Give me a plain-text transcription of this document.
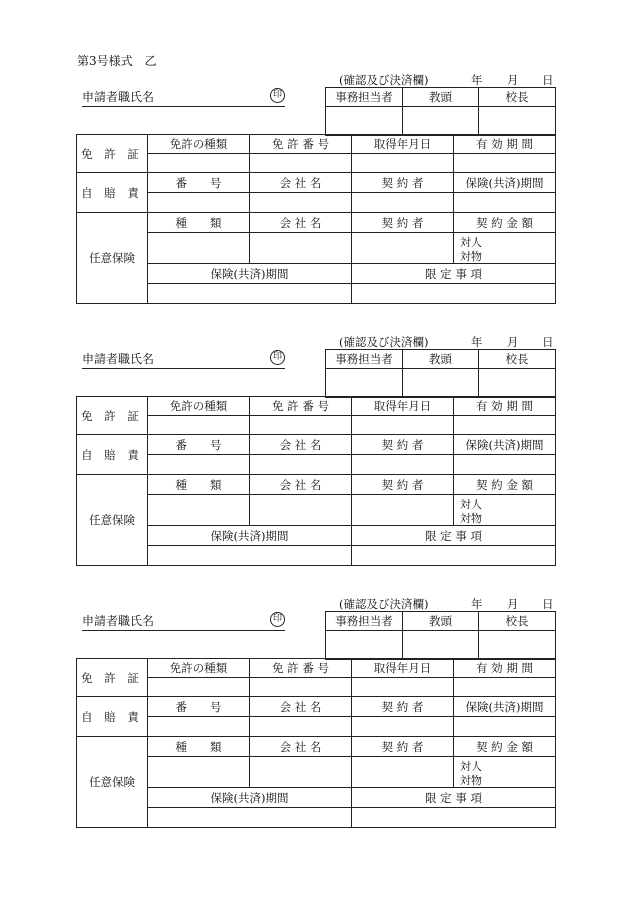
第3号様式　乙
(確認及び決済欄)	年 月 日
事務担当者	教頭	校長

申請者職氏名	印
免 許 証	免許の種類	免 許 番 号	取得年月日	有 効 期 間

自 賠 責	番　　号	会 社 名	契 約 者	保険(共済)期間

任意保険	種　　類	会 社 名	契 約 者	契 約 金 額

				対人
対物

	保険(共済)期間		限 定 事 項	

(確認及び決済欄)	年 月 日
事務担当者	教頭	校長

申請者職氏名	印
免 許 証	免許の種類	免 許 番 号	取得年月日	有 効 期 間

自 賠 責	番　　号	会 社 名	契 約 者	保険(共済)期間

任意保険	種　　類	会 社 名	契 約 者	契 約 金 額

				対人
対物

	保険(共済)期間		限 定 事 項	

(確認及び決済欄)	年 月 日
事務担当者	教頭	校長

申請者職氏名	印
免 許 証	免許の種類	免 許 番 号	取得年月日	有 効 期 間

自 賠 責	番　　号	会 社 名	契 約 者	保険(共済)期間

任意保険	種　　類	会 社 名	契 約 者	契 約 金 額

				対人
対物

	保険(共済)期間		限 定 事 項	
